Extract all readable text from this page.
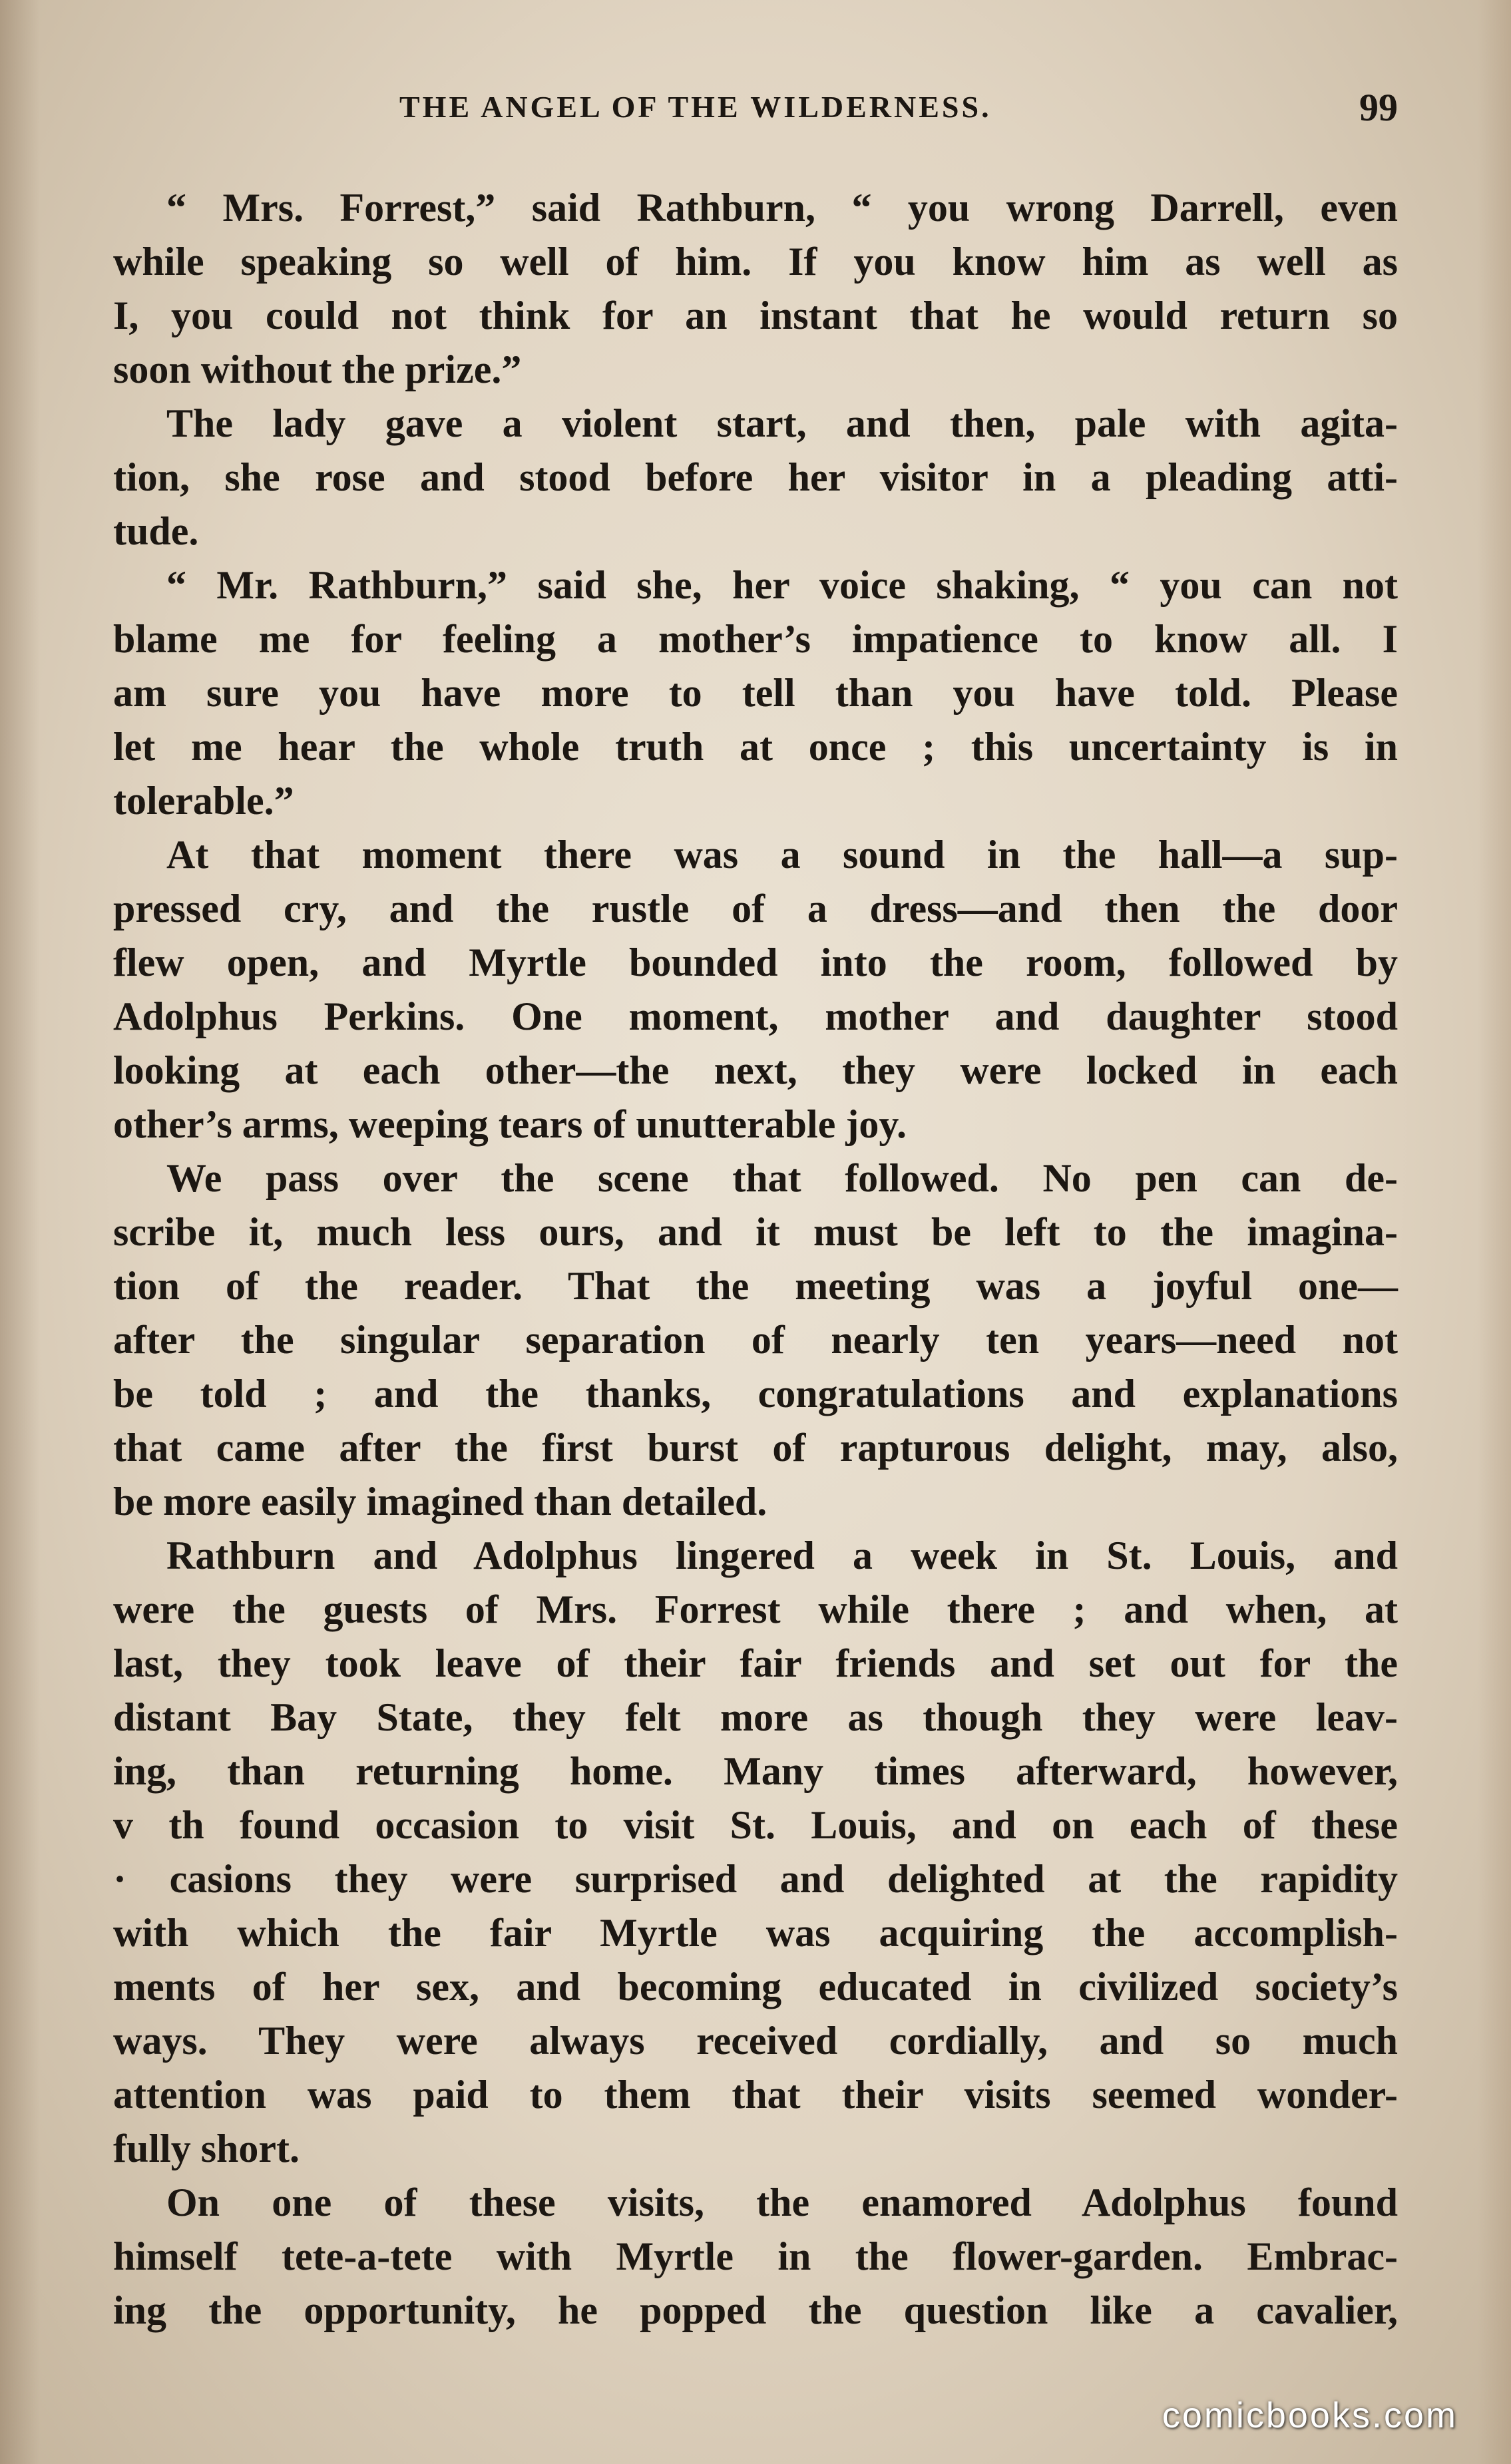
THE ANGEL OF THE WILDERNESS.	99
“ Mrs. Forrest,” said Rathburn, “ you wrong Darrell, even
while speaking so well of him. If you know him as well as
I, you could not think for an instant that he would return so
soon without the prize.”
The lady gave a violent start, and then, pale with agita-
tion, she rose and stood before her visitor in a pleading atti-
tude.
“ Mr. Rathburn,” said she, her voice shaking, “ you can not
blame me for feeling a mother’s impatience to know all. I
am sure you have more to tell than you have told. Please
let me hear the whole truth at once ; this uncertainty is in
tolerable.”
At that moment there was a sound in the hall—a sup-
pressed cry, and the rustle of a dress—and then the door
flew open, and Myrtle bounded into the room, followed by
Adolphus Perkins. One moment, mother and daughter stood
looking at each other—the next, they were locked in each
other’s arms, weeping tears of unutterable joy.
We pass over the scene that followed. No pen can de-
scribe it, much less ours, and it must be left to the imagina-
tion of the reader. That the meeting was a joyful one—
after the singular separation of nearly ten years—need not
be told ; and the thanks, congratulations and explanations
that came after the first burst of rapturous delight, may, also,
be more easily imagined than detailed.
Rathburn and Adolphus lingered a week in St. Louis, and
were the guests of Mrs. Forrest while there ; and when, at
last, they took leave of their fair friends and set out for the
distant Bay State, they felt more as though they were leav-
ing, than returning home. Many times afterward, however,
v th found occasion to visit St. Louis, and on each of these
· casions they were surprised and delighted at the rapidity
with which the fair Myrtle was acquiring the accomplish-
ments of her sex, and becoming educated in civilized society’s
ways. They were always received cordially, and so much
attention was paid to them that their visits seemed wonder-
fully short.
On one of these visits, the enamored Adolphus found
himself tete-a-tete with Myrtle in the flower-garden. Embrac-
ing the opportunity, he popped the question like a cavalier,
comicbooks.com
